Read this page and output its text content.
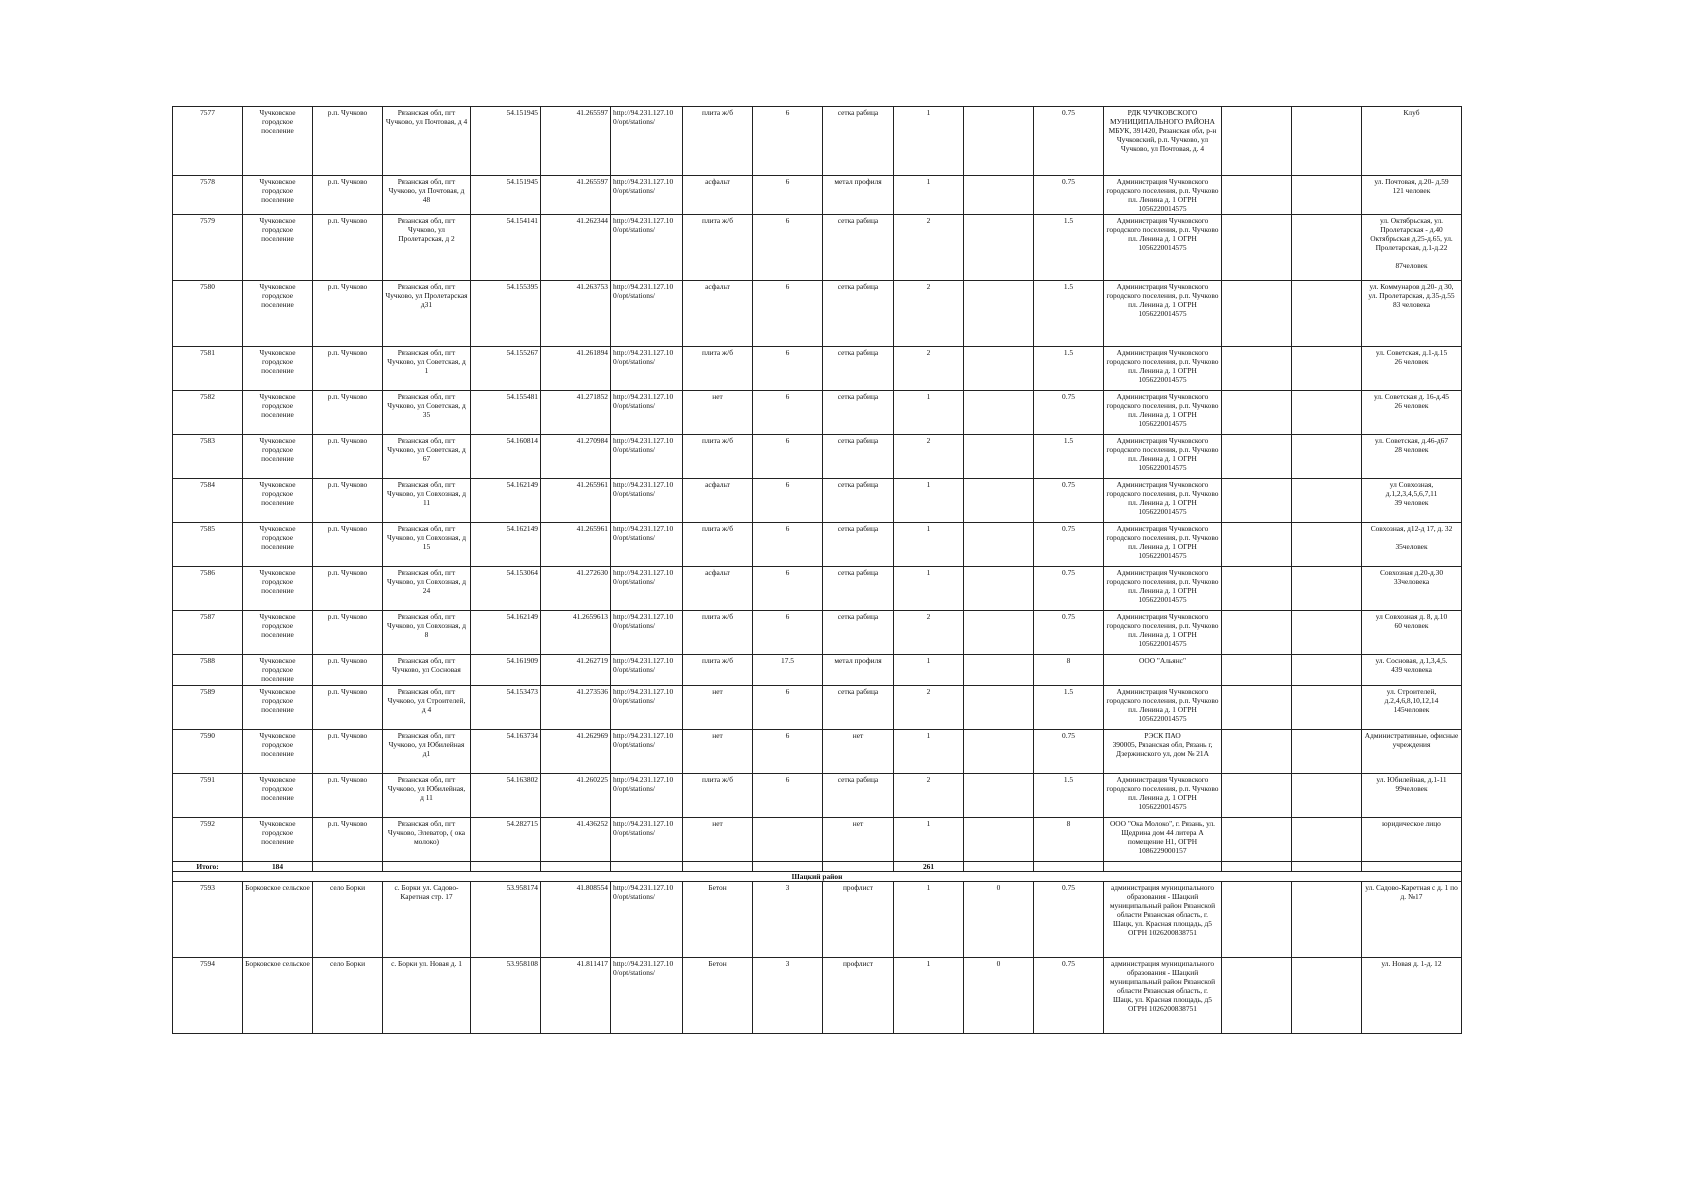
7577	Чучковское городское поселение	р.п. Чучково	Рязанская обл, пгт Чучково, ул Почтовая, д 4	54.151945	41.265597	http://94.231.127.10 0/opt/stations/	плита ж/б	6	сетка рабица	1		0.75	РДК ЧУЧКОВСКОГО МУНИЦИПАЛЬНОГО РАЙОНА МБУК, 391420, Рязанская обл, р-н Чучковский, р.п. Чучково, ул Чучково, ул Почтовая, д. 4			Клуб
7578	Чучковское городское поселение	р.п. Чучково	Рязанская обл, пгт Чучково, ул Почтовая, д 48	54.151945	41.265597	http://94.231.127.10 0/opt/stations/	асфальт	6	метал профиля	1		0.75	Администрация Чучковского городского поселения, р.п. Чучково пл. Ленина д. 1 ОГРН 1056220014575			ул. Почтовая, д.20- д.59
121 человек
7579	Чучковское городское поселение	р.п. Чучково	Рязанская обл, пгт Чучково, ул Пролетарская, д 2	54.154141	41.262344	http://94.231.127.10 0/opt/stations/	плита ж/б	6	сетка рабица	2		1.5	Администрация Чучковского городского поселения, р.п. Чучково пл. Ленина д. 1 ОГРН 1056220014575			ул. Октябрьская, ул. Пролетарская - д.40 Октябрьская д.25-д.65, ул. Пролетарская, д.1-д.22

87человек
7580	Чучковское городское поселение	р.п. Чучково	Рязанская обл, пгт Чучково, ул Пролетарская д31	54.155395	41.263753	http://94.231.127.10 0/opt/stations/	асфальт	6	сетка рабица	2		1.5	Администрация Чучковского городского поселения, р.п. Чучково пл. Ленина д. 1 ОГРН 1056220014575			ул. Коммунаров д.20- д 30,
ул. Пролетарская, д.35-д.55
83 человека
7581	Чучковское городское поселение	р.п. Чучково	Рязанская обл, пгт Чучково, ул Советская, д 1	54.155267	41.261894	http://94.231.127.10 0/opt/stations/	плита ж/б	6	сетка рабица	2		1.5	Администрация Чучковского городского поселения, р.п. Чучково пл. Ленина д. 1 ОГРН 1056220014575			ул. Советская, д.1-д.15
26 человек
7582	Чучковское городское поселение	р.п. Чучково	Рязанская обл, пгт Чучково, ул Советская, д 35	54.155481	41.271852	http://94.231.127.10 0/opt/stations/	нет	6	сетка рабица	1		0.75	Администрация Чучковского городского поселения, р.п. Чучково пл. Ленина д. 1 ОГРН 1056220014575			ул. Советская д. 16-д.45
26 человек
7583	Чучковское городское поселение	р.п. Чучково	Рязанская обл, пгт Чучково, ул Советская, д 67	54.160814	41.270984	http://94.231.127.10 0/opt/stations/	плита ж/б	6	сетка рабица	2		1.5	Администрация Чучковского городского поселения, р.п. Чучково пл. Ленина д. 1 ОГРН 1056220014575			ул. Советская, д.46-д67
28 человек
7584	Чучковское городское поселение	р.п. Чучково	Рязанская обл, пгт Чучково, ул Совхозная, д 11	54.162149	41.265961	http://94.231.127.10 0/opt/stations/	асфальт	6	сетка рабица	1		0.75	Администрация Чучковского городского поселения, р.п. Чучково пл. Ленина д. 1 ОГРН 1056220014575			ул Совхозная,
д.1,2,3,4,5,6,7,11
39 человек
7585	Чучковское городское поселение	р.п. Чучково	Рязанская обл, пгт Чучково, ул Совхозная, д 15	54.162149	41.265961	http://94.231.127.10 0/opt/stations/	плита ж/б	6	сетка рабица	1		0.75	Администрация Чучковского городского поселения, р.п. Чучково пл. Ленина д. 1 ОГРН 1056220014575			Совхозная, д12-д 17, д. 32

35человек
7586	Чучковское городское поселение	р.п. Чучково	Рязанская обл, пгт Чучково, ул Совхозная, д 24	54.153064	41.272630	http://94.231.127.10 0/opt/stations/	асфальт	6	сетка рабица	1		0.75	Администрация Чучковского городского поселения, р.п. Чучково пл. Ленина д. 1 ОГРН 1056220014575			Совхозная д.20-д.30
33человека
7587	Чучковское городское поселение	р.п. Чучково	Рязанская обл, пгт Чучково, ул Совхозная, д 8	54.162149	41.2659613	http://94.231.127.10 0/opt/stations/	плита ж/б	6	сетка рабица	2		0.75	Администрация Чучковского городского поселения, р.п. Чучково пл. Ленина д. 1 ОГРН 1056220014575			ул Совхозная д. 8, д.10
60 человек
7588	Чучковское городское поселение	р.п. Чучково	Рязанская обл, пгт Чучково, ул Сосновая	54.161909	41.262719	http://94.231.127.10 0/opt/stations/	плита ж/б	17.5	метал профиля	1		8	ООО "Альянс"			ул. Сосновая, д.1,3,4,5.
439 человека
7589	Чучковское городское поселение	р.п. Чучково	Рязанская обл, пгт Чучково, ул Строителей, д 4	54.153473	41.273536	http://94.231.127.10 0/opt/stations/	нет	6	сетка рабица	2		1.5	Администрация Чучковского городского поселения, р.п. Чучково пл. Ленина д. 1 ОГРН 1056220014575			ул. Строителей, д.2,4,6,8,10,12,14
145человек
7590	Чучковское городское поселение	р.п. Чучково	Рязанская обл, пгт Чучково, ул Юбилейная д1	54.163734	41.262969	http://94.231.127.10 0/opt/stations/	нет	6	нет	1		0.75	РЭСК ПАО
390005, Рязанская обл, Рязань г, Дзержинского ул, дом № 21А			Административные, офисные учреждения
7591	Чучковское городское поселение	р.п. Чучково	Рязанская обл, пгт Чучково, ул Юбилейная, д 11	54.163802	41.260225	http://94.231.127.10 0/opt/stations/	плита ж/б	6	сетка рабица	2		1.5	Администрация Чучковского городского поселения, р.п. Чучково пл. Ленина д. 1 ОГРН 1056220014575			ул. Юбилейная, д.1-11
99человек
7592	Чучковское городское поселение	р.п. Чучково	Рязанская обл, пгт Чучково, Элеватор, ( ока молоко)	54.282715	41.436252	http://94.231.127.10 0/opt/stations/	нет		нет	1		8	ООО "Ока Молоко", г. Рязань, ул. Щедрина дом 44 литера А помещение Н1, ОГРН 1086229000157			юридическое лицо
Итого:	184									261						
Шацкий район																
7593	Борковское сельское	село Борки	с. Борки ул. Садово-Каретная стр. 17	53.958174	41.808554	http://94.231.127.10 0/opt/stations/	Бетон	3	профлист	1	0	0.75	администрация муниципального образования - Шацкий муниципальный район Рязанской области Рязанская область, г. Шацк, ул. Красная площадь, д5 ОГРН 1026200838751			ул. Садово-Каретная с д. 1 по д. №17
7594	Борковское сельское	село Борки	с. Борки ул. Новая д. 1	53.958108	41.811417	http://94.231.127.10 0/opt/stations/	Бетон	3	профлист	1	0	0.75	администрация муниципального образования - Шацкий муниципальный район Рязанской области Рязанская область, г. Шацк, ул. Красная площадь, д5 ОГРН 1026200838751			ул. Новая д. 1-д. 12
